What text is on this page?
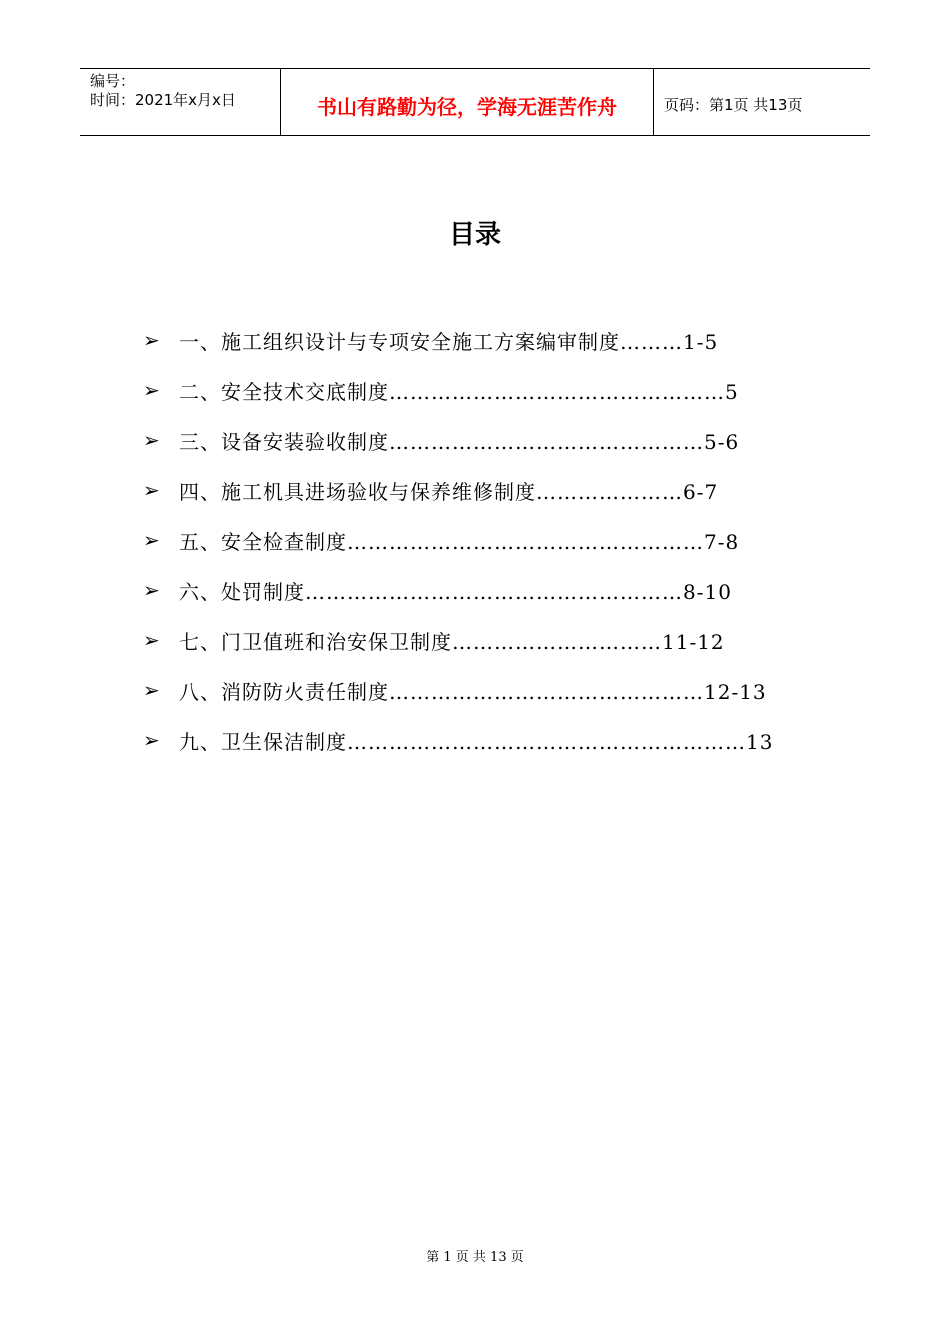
编号：
时间：2021年x月x日	书山有路勤为径，学海无涯苦作舟	页码：第1页 共13页
目录
➢ 一、施工组织设计与专项安全施工方案编审制度………1-5
➢ 二、安全技术交底制度…………………………………………5
➢ 三、设备安装验收制度………………………………………5-6
➢ 四、施工机具进场验收与保养维修制度…………………6-7
➢ 五、安全检查制度……………………………………………7-8
➢ 六、处罚制度………………………………………………8-10
➢ 七、门卫值班和治安保卫制度…………………………11-12
➢ 八、消防防火责任制度………………………………………12-13
➢ 九、卫生保洁制度…………………………………………………13
第 1 页 共 13 页
